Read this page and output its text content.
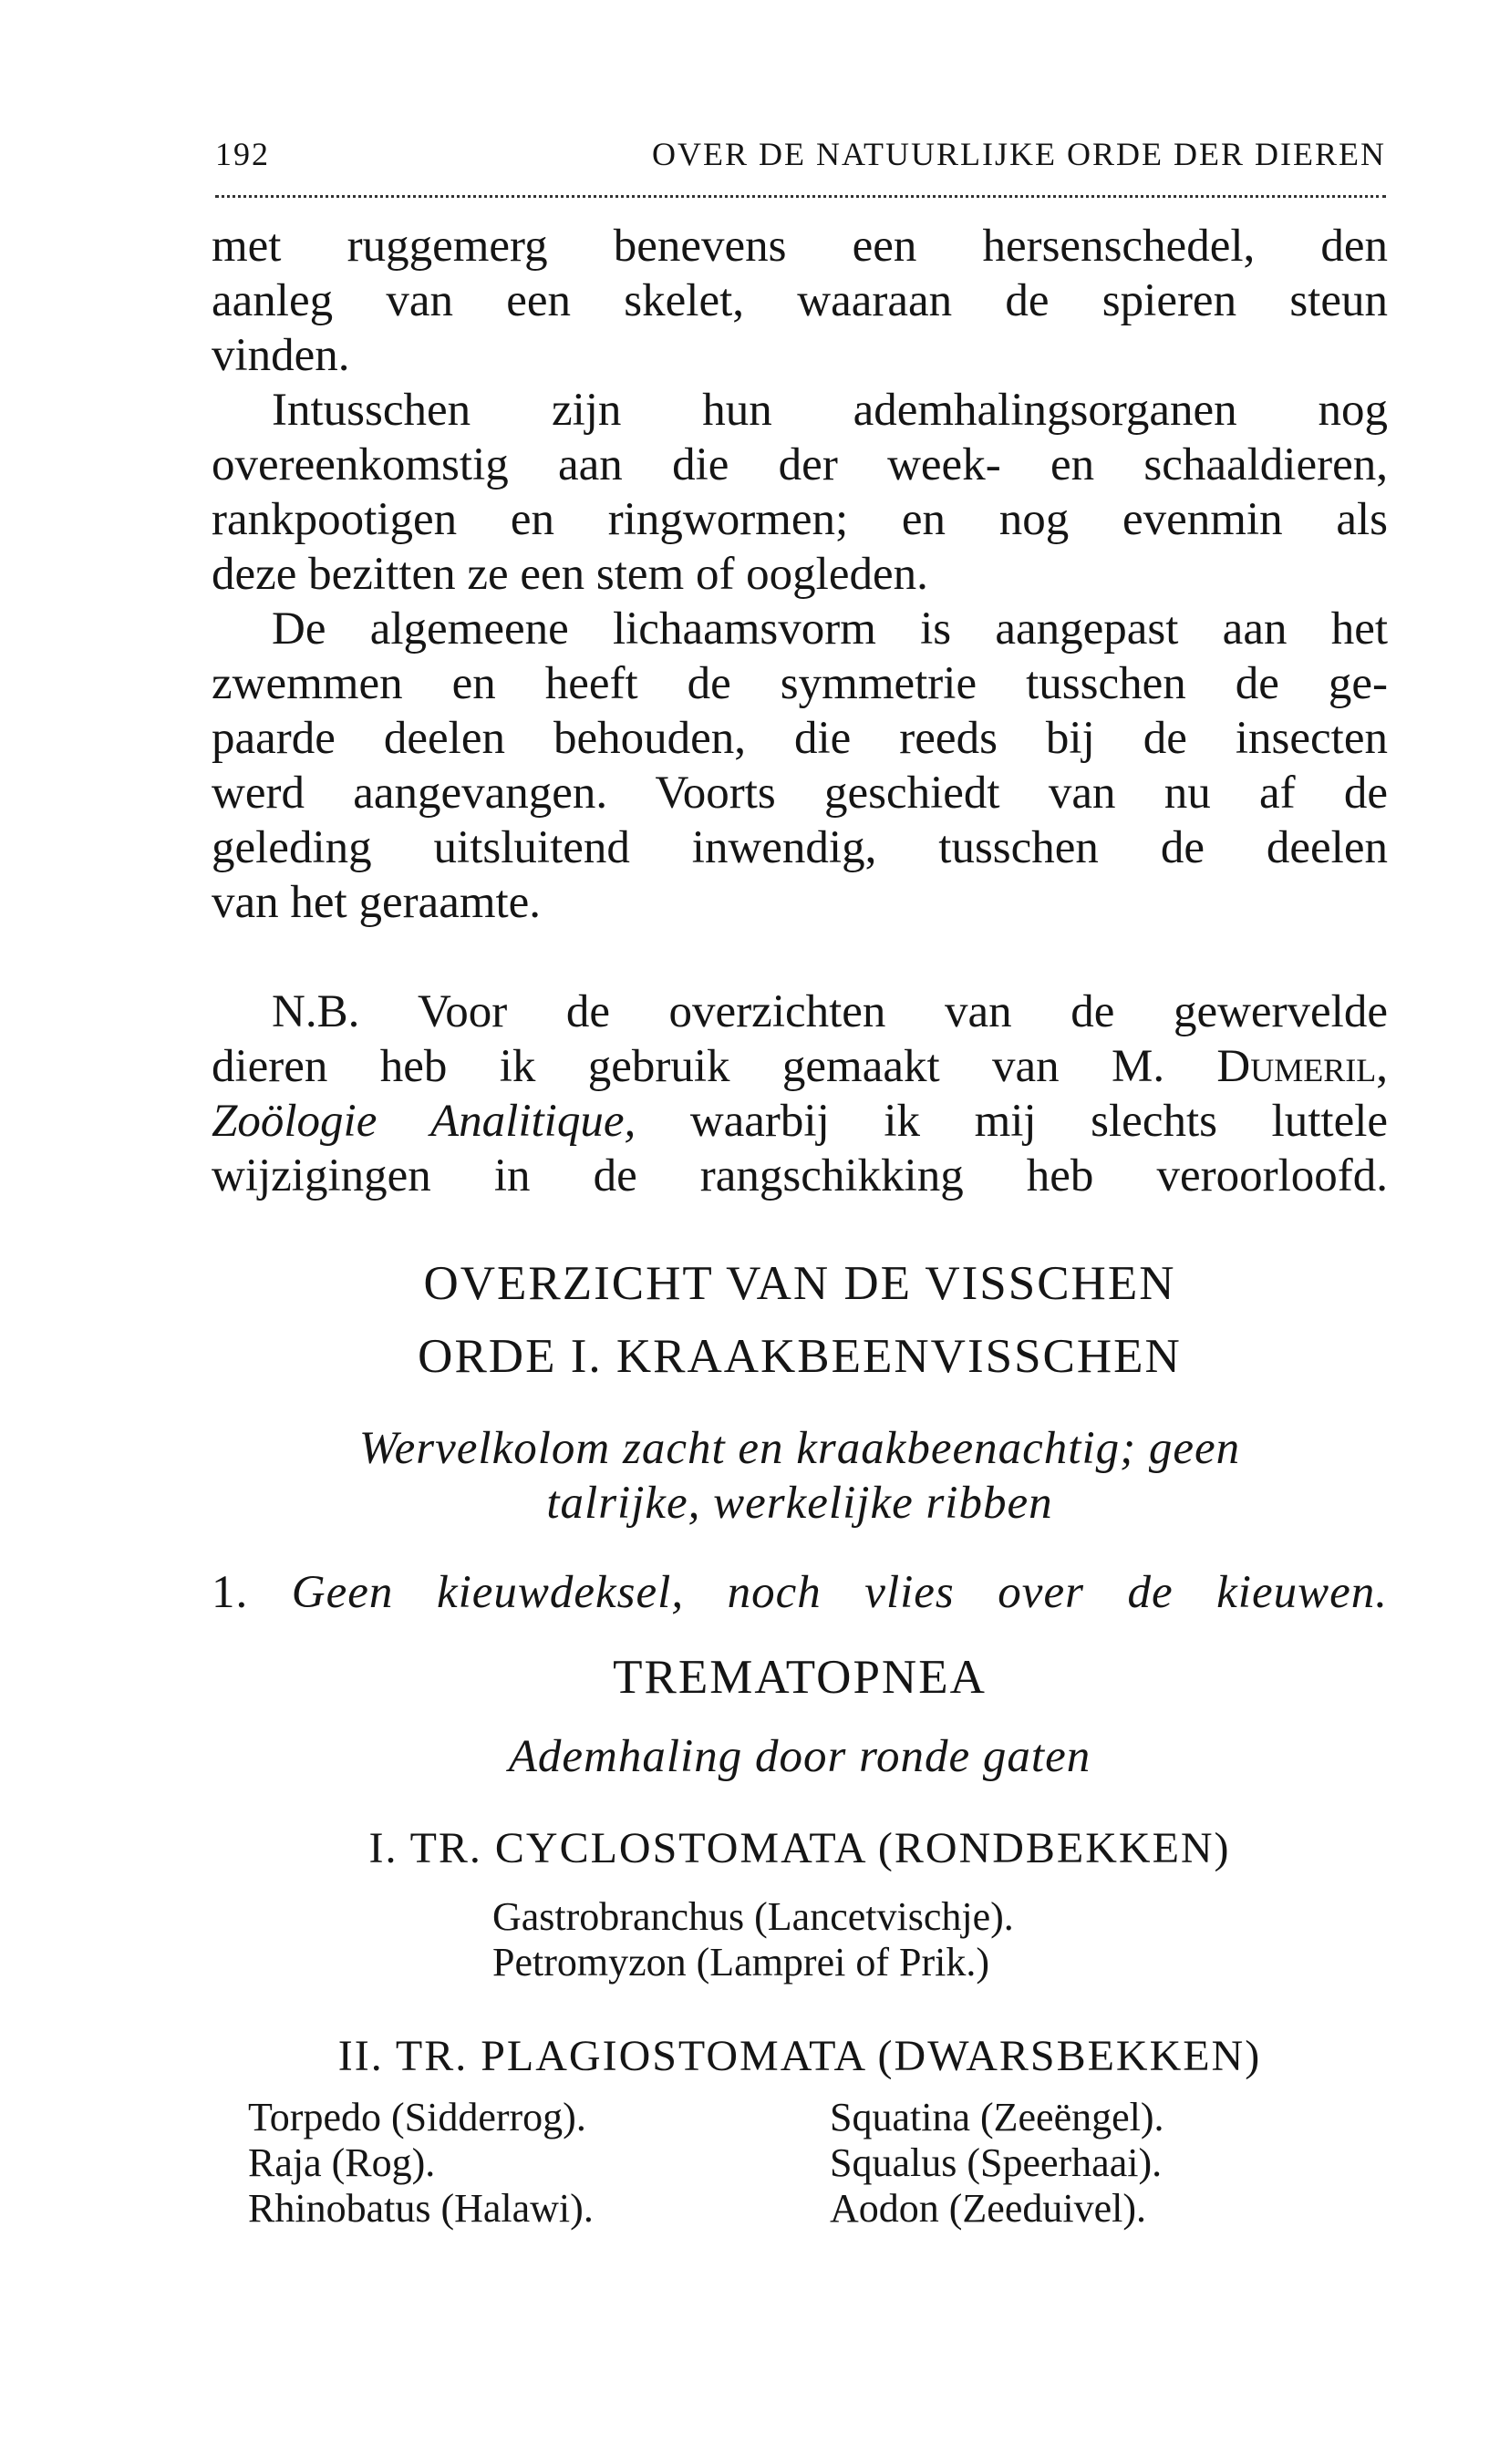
192	OVER DE NATUURLIJKE ORDE DER DIEREN
met ruggemerg benevens een hersenschedel, den
aanleg van een skelet, waaraan de spieren steun
vinden.
Intusschen zijn hun ademhalingsorganen nog
overeenkomstig aan die der week- en schaaldieren,
rankpootigen en ringwormen; en nog evenmin als
deze bezitten ze een stem of oogleden.
De algemeene lichaamsvorm is aangepast aan het
zwemmen en heeft de symmetrie tusschen de ge-
paarde deelen behouden, die reeds bij de insecten
werd aangevangen. Voorts geschiedt van nu af de
geleding uitsluitend inwendig, tusschen de deelen
van het geraamte.
N.B. Voor de overzichten van de gewervelde
dieren heb ik gebruik gemaakt van M. Dumeril,
Zoölogie Analitique, waarbij ik mij slechts luttele
wijzigingen in de rangschikking heb veroorloofd.
OVERZICHT VAN DE VISSCHEN
ORDE I. KRAAKBEENVISSCHEN
Wervelkolom zacht en kraakbeenachtig; geen
talrijke, werkelijke ribben
1. Geen kieuwdeksel, noch vlies over de kieuwen.
TREMATOPNEA
Ademhaling door ronde gaten
I. TR. CYCLOSTOMATA (RONDBEKKEN)
Gastrobranchus (Lancetvischje).
Petromyzon (Lamprei of Prik.)
II. TR. PLAGIOSTOMATA (DWARSBEKKEN)
Torpedo (Sidderrog).
Raja (Rog).
Rhinobatus (Halawi).
Squatina (Zeeëngel).
Squalus (Speerhaai).
Aodon (Zeeduivel).
